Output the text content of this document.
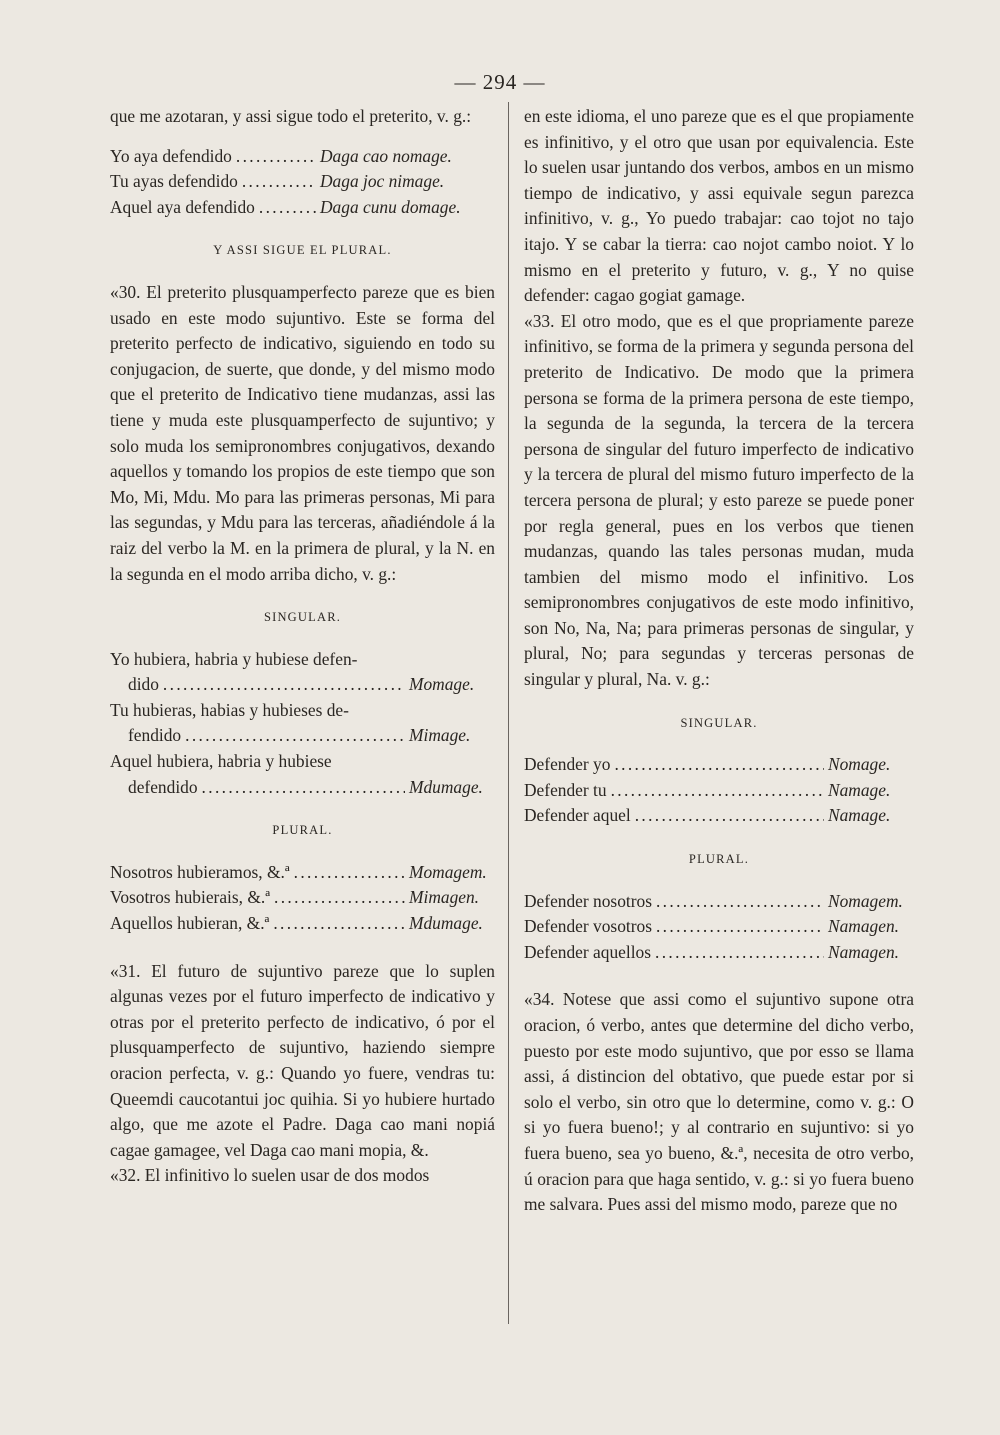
— 294 —

que me azotaran, y assi sigue todo el preterito, v. g.:

Yo aya defendido . . .	Daga cao nomage.
Tu ayas defendido . . .	Daga joc nimage.
Aquel aya defendido . . .	Daga cunu domage.
Y ASSI SIGUE EL PLURAL.

«30. El preterito plusquamperfecto pareze que es bien usado en este modo sujuntivo. Este se forma del preterito perfecto de indicativo, siguiendo en todo su conjugacion, de suerte, que donde, y del mismo modo que el preterito de Indicativo tiene mudanzas, assi las tiene y muda este plusquamperfecto de sujuntivo; y solo muda los semipronombres conjugativos, dexando aquellos y tomando los propios de este tiempo que son Mo, Mi, Mdu. Mo para las primeras personas, Mi para las segundas, y Mdu para las terceras, añadiéndole á la raiz del verbo la M. en la primera de plural, y la N. en la segunda en el modo arriba dicho, v. g.:

SINGULAR.
Yo hubiera, habria y hubiese defen-
dido . . .	Momage.
Tu hubieras, habias y hubieses de-
fendido . . .	Mimage.
Aquel hubiera, habria y hubiese
defendido . . .	Mdumage.
PLURAL.
Nosotros hubieramos, &.ª . . .	Momagem.
Vosotros hubierais, &.ª . . .	Mimagen.
Aquellos hubieran, &.ª . . .	Mdumage.

«31. El futuro de sujuntivo pareze que lo suplen algunas vezes por el futuro imperfecto de indicativo y otras por el preterito perfecto de indicativo, ó por el plusquamperfecto de sujuntivo, haziendo siempre oracion perfecta, v. g.: Quando yo fuere, vendras tu: Queemdi caucotantui joc quihia. Si yo hubiere hurtado algo, que me azote el Padre. Daga cao mani nopiá cagae gamagee, vel Daga cao mani mopia, &.

«32. El infinitivo lo suelen usar de dos modos

en este idioma, el uno pareze que es el que propiamente es infinitivo, y el otro que usan por equivalencia. Este lo suelen usar juntando dos verbos, ambos en un mismo tiempo de indicativo, y assi equivale segun parezca infinitivo, v. g., Yo puedo trabajar: cao tojot no tajo itajo. Y se cabar la tierra: cao nojot cambo noiot. Y lo mismo en el preterito y futuro, v. g., Y no quise defender: cagao gogiat gamage.

«33. El otro modo, que es el que propriamente pareze infinitivo, se forma de la primera y segunda persona del preterito de Indicativo. De modo que la primera persona se forma de la primera persona de este tiempo, la segunda de la segunda, la tercera de la tercera persona de singular del futuro imperfecto de indicativo y la tercera de plural del mismo futuro imperfecto de la tercera persona de plural; y esto pareze se puede poner por regla general, pues en los verbos que tienen mudanzas, quando las tales personas mudan, muda tambien del mismo modo el infinitivo. Los semipronombres conjugativos de este modo infinitivo, son No, Na, Na; para primeras personas de singular, y plural, No; para segundas y terceras personas de singular y plural, Na. v. g.:

SINGULAR.
Defender yo . . .	Nomage.
Defender tu . . .	Namage.
Defender aquel . . .	Namage.
PLURAL.
Defender nosotros . . .	Nomagem.
Defender vosotros . . .	Namagen.
Defender aquellos . . .	Namagen.

«34. Notese que assi como el sujuntivo supone otra oracion, ó verbo, antes que determine del dicho verbo, puesto por este modo sujuntivo, que por esso se llama assi, á distincion del obtativo, que puede estar por si solo el verbo, sin otro que lo determine, como v. g.: O si yo fuera bueno!; y al contrario en sujuntivo: si yo fuera bueno, sea yo bueno, &.ª, necesita de otro verbo, ú oracion para que haga sentido, v. g.: si yo fuera bueno me salvara. Pues assi del mismo modo, pareze que no
